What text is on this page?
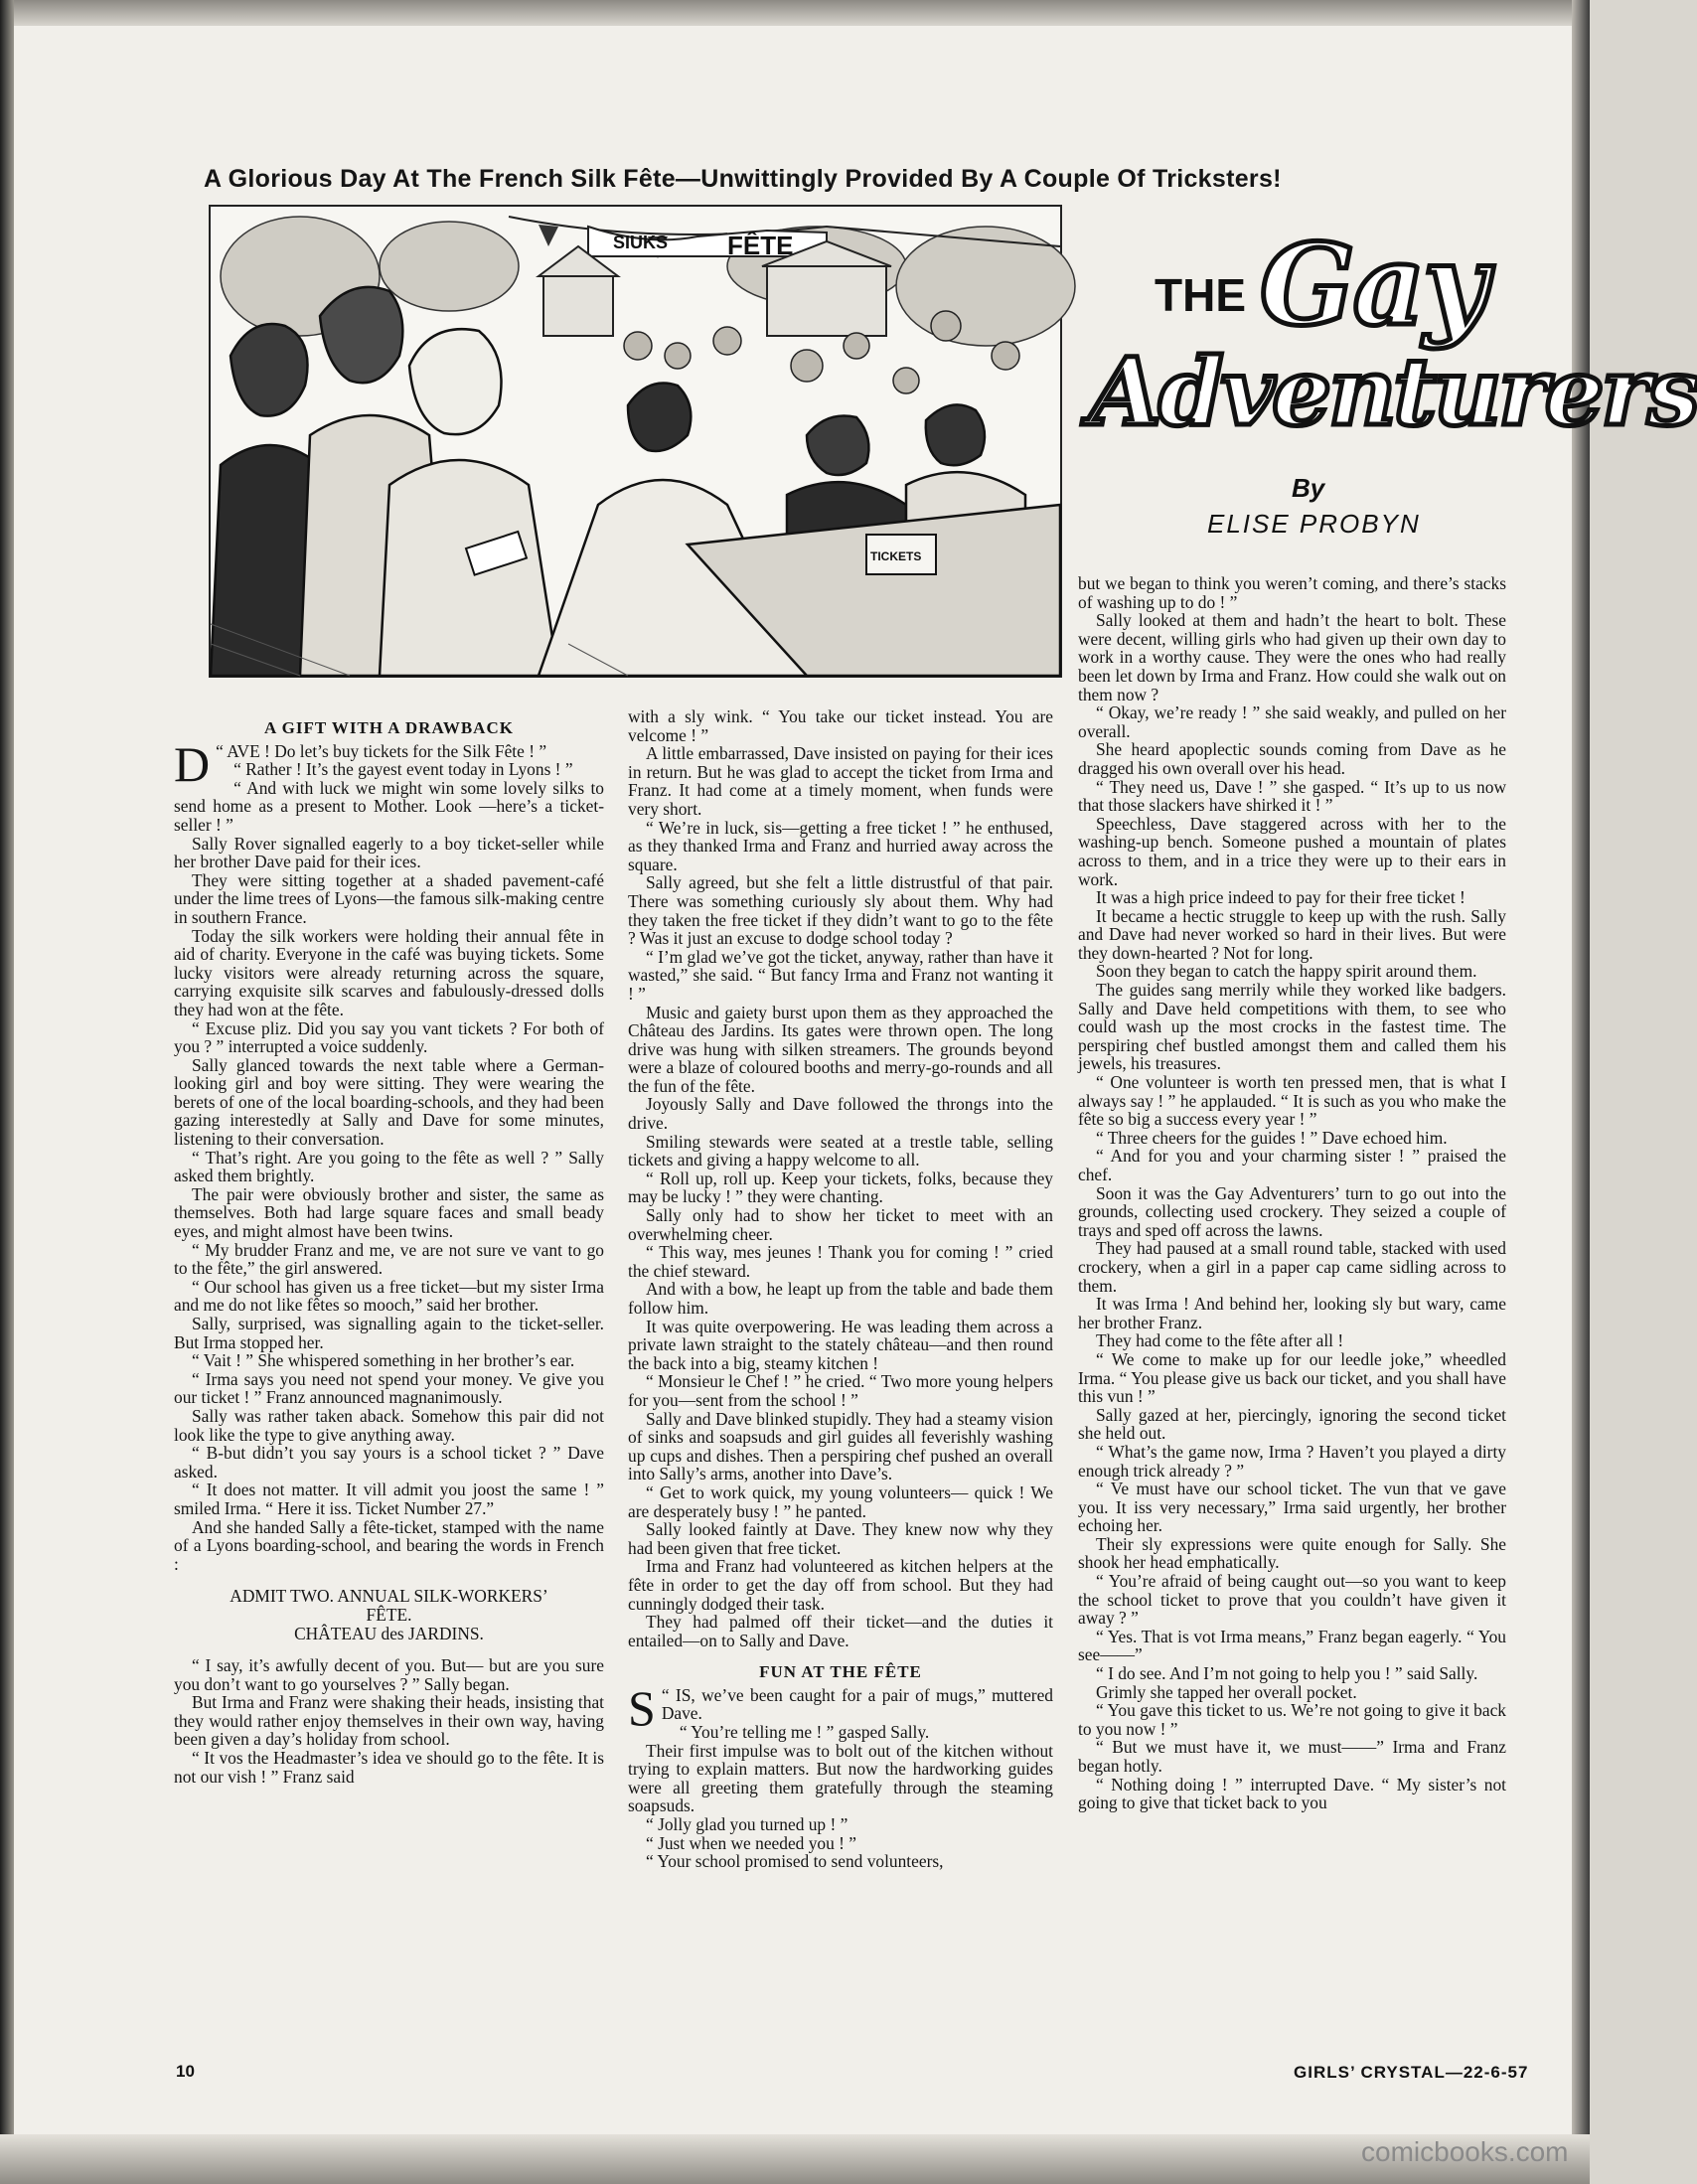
A Glorious Day At The French Silk Fête—Unwittingly Provided By A Couple Of Tricksters!
FÊTE
SIUKS
TICKETS
THE Gay
Adventurers
By
ELISE PROBYN
A GIFT WITH A DRAWBACK

D “ AVE ! Do let’s buy tickets for the Silk Fête ! ”

“ Rather ! It’s the gayest event today in Lyons ! ”

“ And with luck we might win some lovely silks to send home as a present to Mother. Look —here’s a ticket-seller ! ”

Sally Rover signalled eagerly to a boy ticket-seller while her brother Dave paid for their ices.

They were sitting together at a shaded pavement-café under the lime trees of Lyons—the famous silk-making centre in southern France.

Today the silk workers were holding their annual fête in aid of charity. Everyone in the café was buying tickets. Some lucky visitors were already returning across the square, carrying exquisite silk scarves and fabulously-dressed dolls they had won at the fête.

“ Excuse pliz. Did you say you vant tickets ? For both of you ? ” interrupted a voice suddenly.

Sally glanced towards the next table where a German-looking girl and boy were sitting. They were wearing the berets of one of the local boarding-schools, and they had been gazing interestedly at Sally and Dave for some minutes, listening to their conversation.

“ That’s right. Are you going to the fête as well ? ” Sally asked them brightly.

The pair were obviously brother and sister, the same as themselves. Both had large square faces and small beady eyes, and might almost have been twins.

“ My brudder Franz and me, ve are not sure ve vant to go to the fête,” the girl answered.

“ Our school has given us a free ticket—but my sister Irma and me do not like fêtes so mooch,” said her brother.

Sally, surprised, was signalling again to the ticket-seller. But Irma stopped her.

“ Vait ! ” She whispered something in her brother’s ear.

“ Irma says you need not spend your money. Ve give you our ticket ! ” Franz announced magnanimously.

Sally was rather taken aback. Somehow this pair did not look like the type to give anything away.

“ B-but didn’t you say yours is a school ticket ? ” Dave asked.

“ It does not matter. It vill admit you joost the same ! ” smiled Irma. “ Here it iss. Ticket Number 27.”

And she handed Sally a fête-ticket, stamped with the name of a Lyons boarding-school, and bearing the words in French :

ADMIT TWO. ANNUAL SILK-WORKERS’

FÊTE.

CHÂTEAU des JARDINS.

“ I say, it’s awfully decent of you. But— but are you sure you don’t want to go yourselves ? ” Sally began.

But Irma and Franz were shaking their heads, insisting that they would rather enjoy themselves in their own way, having been given a day’s holiday from school.

“ It vos the Headmaster’s idea ve should go to the fête. It is not our vish ! ” Franz said

with a sly wink. “ You take our ticket instead. You are velcome ! ”

A little embarrassed, Dave insisted on paying for their ices in return. But he was glad to accept the ticket from Irma and Franz. It had come at a timely moment, when funds were very short.

“ We’re in luck, sis—getting a free ticket ! ” he enthused, as they thanked Irma and Franz and hurried away across the square.

Sally agreed, but she felt a little distrustful of that pair. There was something curiously sly about them. Why had they taken the free ticket if they didn’t want to go to the fête ? Was it just an excuse to dodge school today ?

“ I’m glad we’ve got the ticket, anyway, rather than have it wasted,” she said. “ But fancy Irma and Franz not wanting it ! ”

Music and gaiety burst upon them as they approached the Château des Jardins. Its gates were thrown open. The long drive was hung with silken streamers. The grounds beyond were a blaze of coloured booths and merry-go-rounds and all the fun of the fête.

Joyously Sally and Dave followed the throngs into the drive.

Smiling stewards were seated at a trestle table, selling tickets and giving a happy welcome to all.

“ Roll up, roll up. Keep your tickets, folks, because they may be lucky ! ” they were chanting.

Sally only had to show her ticket to meet with an overwhelming cheer.

“ This way, mes jeunes ! Thank you for coming ! ” cried the chief steward.

And with a bow, he leapt up from the table and bade them follow him.

It was quite overpowering. He was leading them across a private lawn straight to the stately château—and then round the back into a big, steamy kitchen !

“ Monsieur le Chef ! ” he cried. “ Two more young helpers for you—sent from the school ! ”

Sally and Dave blinked stupidly. They had a steamy vision of sinks and soapsuds and girl guides all feverishly washing up cups and dishes. Then a perspiring chef pushed an overall into Sally’s arms, another into Dave’s.

“ Get to work quick, my young volunteers— quick ! We are desperately busy ! ” he panted.

Sally looked faintly at Dave. They knew now why they had been given that free ticket.

Irma and Franz had volunteered as kitchen helpers at the fête in order to get the day off from school. But they had cunningly dodged their task.

They had palmed off their ticket—and the duties it entailed—on to Sally and Dave.

FUN AT THE FÊTE

S “ IS, we’ve been caught for a pair of mugs,” muttered Dave.

“ You’re telling me ! ” gasped Sally.

Their first impulse was to bolt out of the kitchen without trying to explain matters. But now the hardworking guides were all greeting them gratefully through the steaming soapsuds.

“ Jolly glad you turned up ! ”

“ Just when we needed you ! ”

“ Your school promised to send volunteers,

but we began to think you weren’t coming, and there’s stacks of washing up to do ! ”

Sally looked at them and hadn’t the heart to bolt. These were decent, willing girls who had given up their own day to work in a worthy cause. They were the ones who had really been let down by Irma and Franz. How could she walk out on them now ?

“ Okay, we’re ready ! ” she said weakly, and pulled on her overall.

She heard apoplectic sounds coming from Dave as he dragged his own overall over his head.

“ They need us, Dave ! ” she gasped. “ It’s up to us now that those slackers have shirked it ! ”

Speechless, Dave staggered across with her to the washing-up bench. Someone pushed a mountain of plates across to them, and in a trice they were up to their ears in work.

It was a high price indeed to pay for their free ticket !

It became a hectic struggle to keep up with the rush. Sally and Dave had never worked so hard in their lives. But were they down-hearted ? Not for long.

Soon they began to catch the happy spirit around them.

The guides sang merrily while they worked like badgers. Sally and Dave held competitions with them, to see who could wash up the most crocks in the fastest time. The perspiring chef bustled amongst them and called them his jewels, his treasures.

“ One volunteer is worth ten pressed men, that is what I always say ! ” he applauded. “ It is such as you who make the fête so big a success every year ! ”

“ Three cheers for the guides ! ” Dave echoed him.

“ And for you and your charming sister ! ” praised the chef.

Soon it was the Gay Adventurers’ turn to go out into the grounds, collecting used crockery. They seized a couple of trays and sped off across the lawns.

They had paused at a small round table, stacked with used crockery, when a girl in a paper cap came sidling across to them.

It was Irma ! And behind her, looking sly but wary, came her brother Franz.

They had come to the fête after all !

“ We come to make up for our leedle joke,” wheedled Irma. “ You please give us back our ticket, and you shall have this vun ! ”

Sally gazed at her, piercingly, ignoring the second ticket she held out.

“ What’s the game now, Irma ? Haven’t you played a dirty enough trick already ? ”

“ Ve must have our school ticket. The vun that ve gave you. It iss very necessary,” Irma said urgently, her brother echoing her.

Their sly expressions were quite enough for Sally. She shook her head emphatically.

“ You’re afraid of being caught out—so you want to keep the school ticket to prove that you couldn’t have given it away ? ”

“ Yes. That is vot Irma means,” Franz began eagerly. “ You see——”

“ I do see. And I’m not going to help you ! ” said Sally.

Grimly she tapped her overall pocket.

“ You gave this ticket to us. We’re not going to give it back to you now ! ”

“ But we must have it, we must——” Irma and Franz began hotly.

“ Nothing doing ! ” interrupted Dave. “ My sister’s not going to give that ticket back to you

10	GIRLS’ CRYSTAL—22-6-57
comicbooks.com
